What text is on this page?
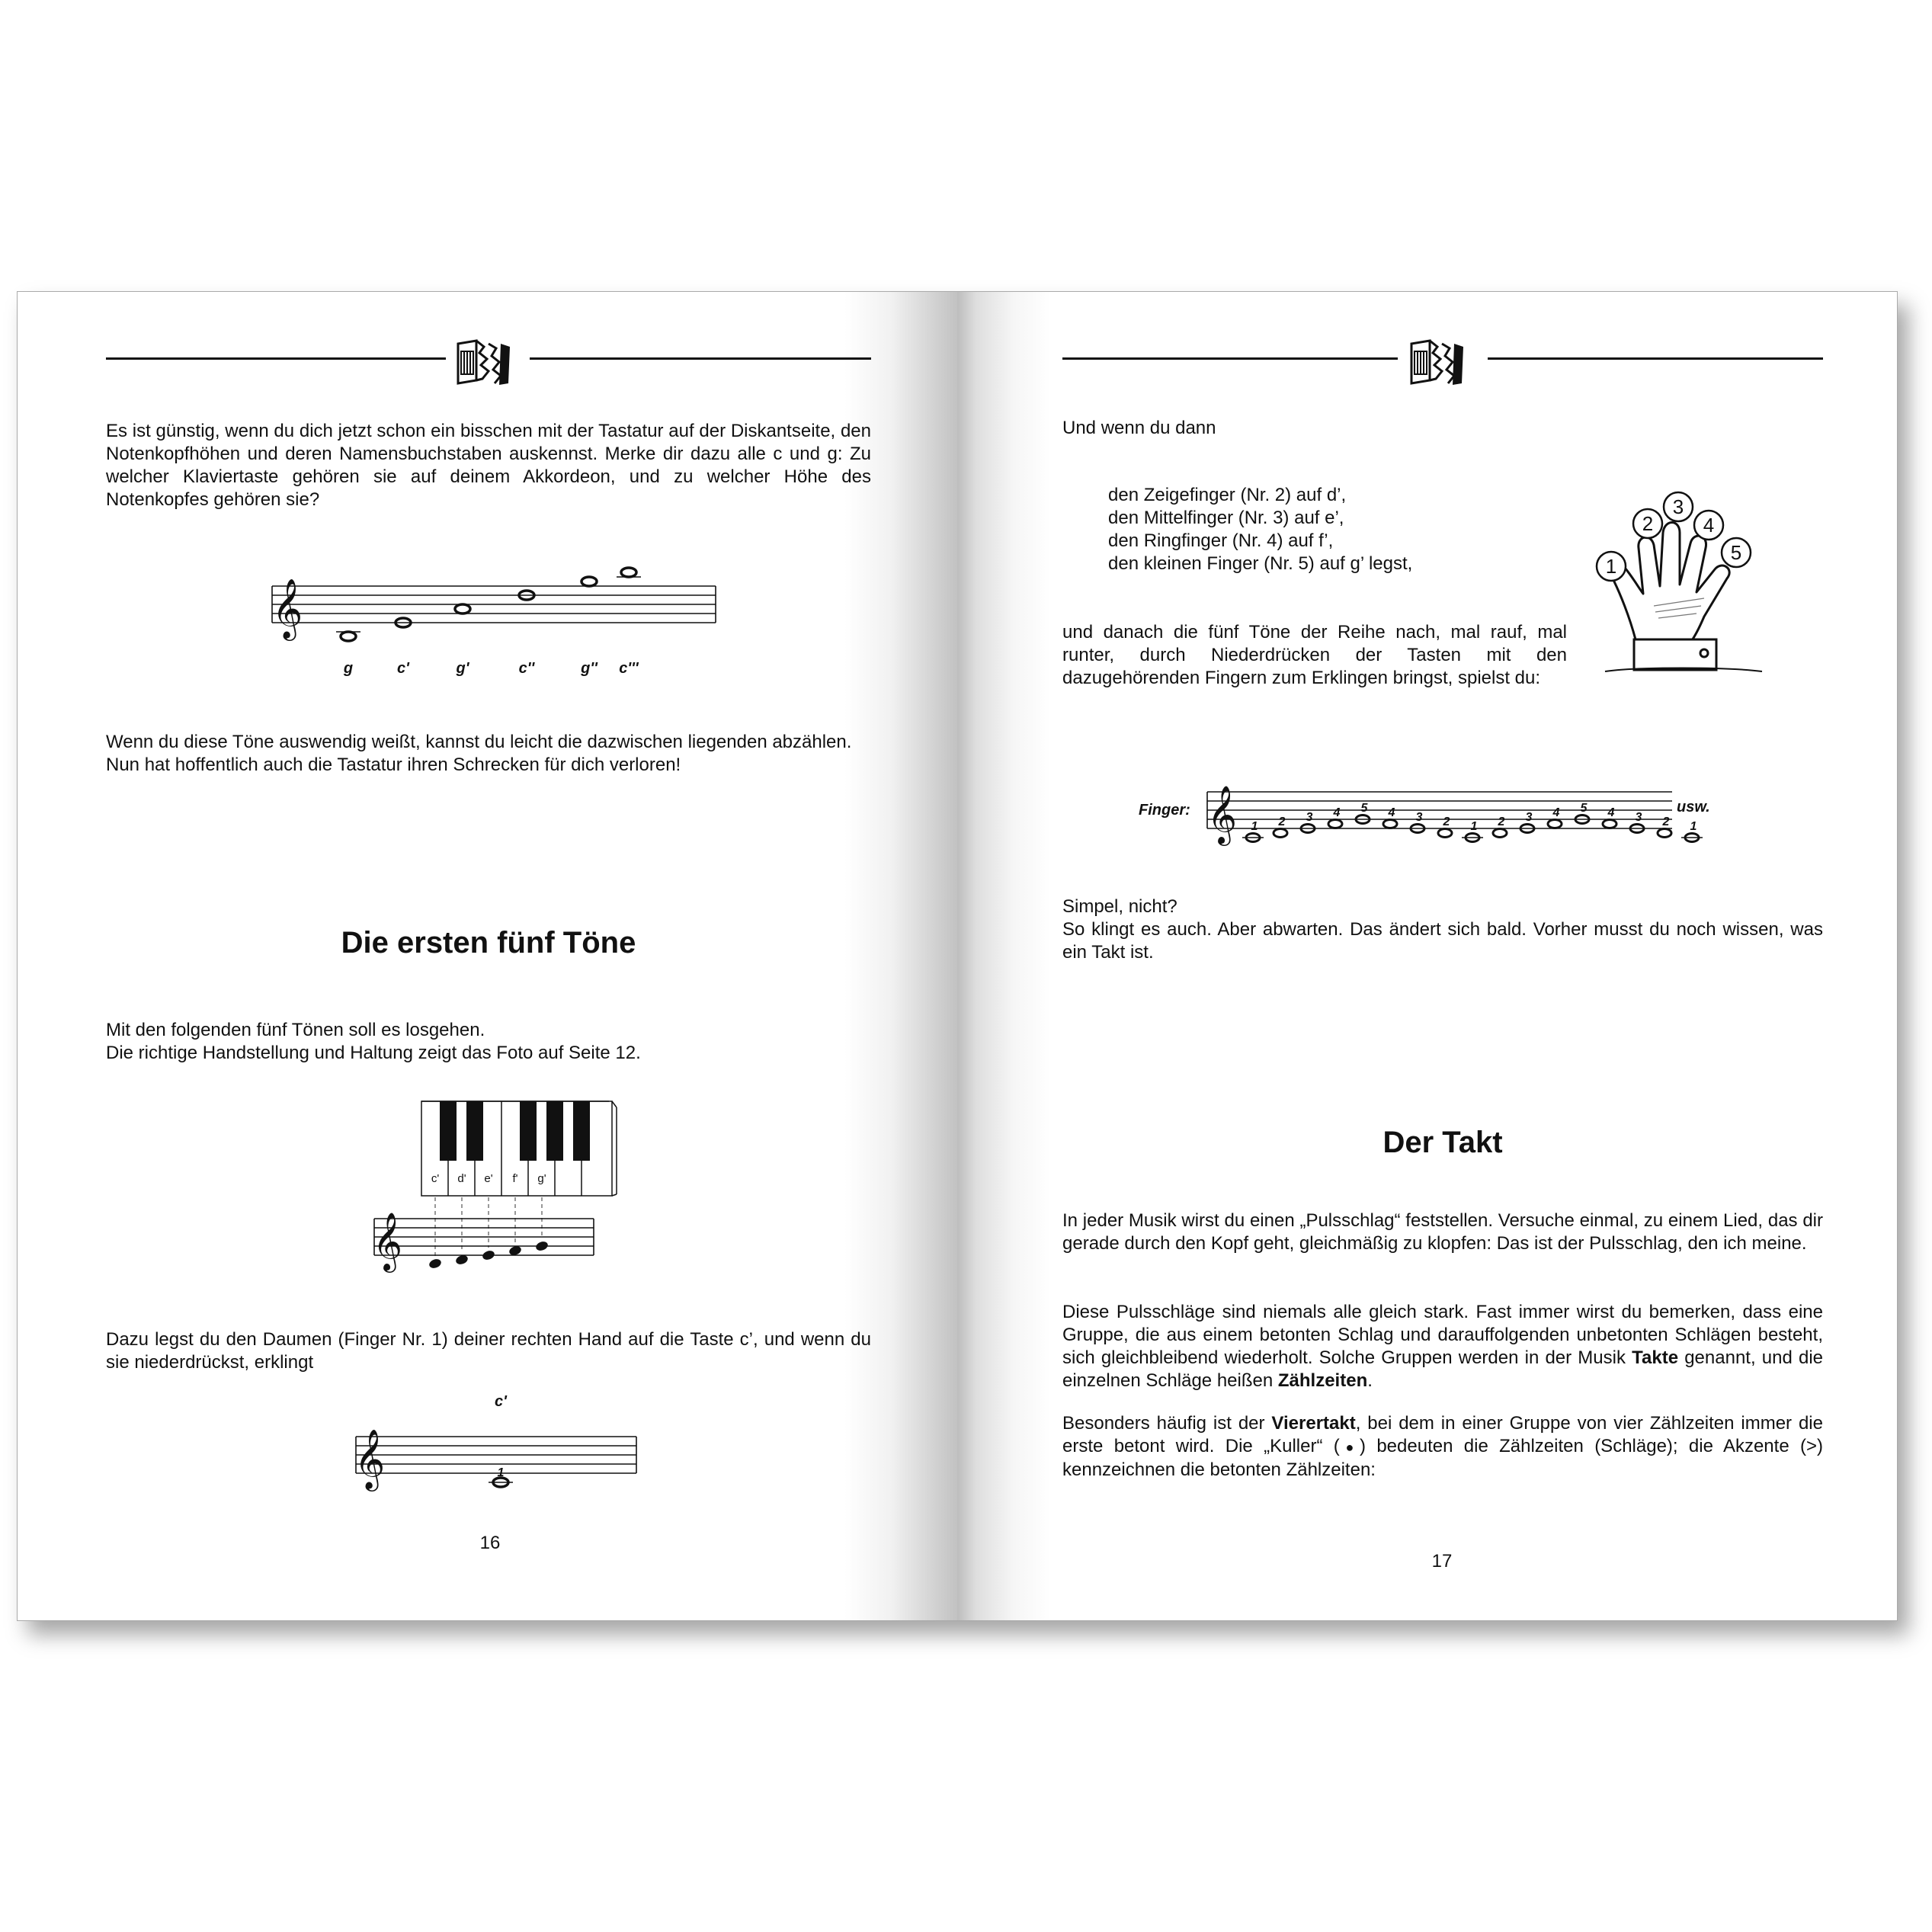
Es ist günstig, wenn du dich jetzt schon ein bisschen mit der Tastatur auf der Diskantseite, den Notenkopfhöhen und deren Namensbuchstaben auskennst. Merke dir dazu alle c und g: Zu welcher Klaviertaste gehören sie auf deinem Akkordeon, und zu welcher Höhe des Notenkopfes gehören sie?

𝄞
g	c'	g'	c''	g'' c'''

Wenn du diese Töne auswendig weißt, kannst du leicht die dazwischen liegenden abzählen.

Nun hat hoffentlich auch die Tastatur ihren Schrecken für dich verloren!

Die ersten fünf Töne

Mit den folgenden fünf Tönen soll es losgehen.

Die richtige Handstellung und Haltung zeigt das Foto auf Seite 12.

c' d' e' f' g'
𝄞

Dazu legst du den Daumen (Finger Nr. 1) deiner rechten Hand auf die Taste c’, und wenn du sie niederdrückst, erklingt

c'
𝄞	1
16

Und wenn du dann

den Zeigefinger (Nr. 2) auf d’,

den Mittelfinger (Nr. 3) auf e’,

den Ringfinger (Nr. 4) auf f’,

den kleinen Finger (Nr. 5) auf g’ legst,	1
2
3
4
5

und danach die fünf Töne der Reihe nach, mal rauf, mal runter, durch Niederdrücken der Tasten mit den dazugehörenden Fingern zum Erklingen bringst, spielst du:

Finger: 𝄞	usw.
1 2 3 4 5 4 3 2 1 2 3 4 5 4 3 2 1

Simpel, nicht?

So klingt es auch. Aber abwarten. Das ändert sich bald. Vorher musst du noch wissen, was ein Takt ist.

Der Takt

In jeder Musik wirst du einen „Pulsschlag“ feststellen. Versuche einmal, zu einem Lied, das dir gerade durch den Kopf geht, gleichmäßig zu klopfen: Das ist der Pulsschlag, den ich meine.

Diese Pulsschläge sind niemals alle gleich stark. Fast immer wirst du bemerken, dass eine Gruppe, die aus einem betonten Schlag und darauffolgenden unbetonten Schlägen besteht, sich gleichbleibend wiederholt. Solche Gruppen werden in der Musik Takte genannt, und die einzelnen Schläge heißen Zählzeiten.

Besonders häufig ist der Vierertakt, bei dem in einer Gruppe von vier Zählzeiten immer die erste betont wird. Die „Kuller“ (●) bedeuten die Zählzeiten (Schläge); die Akzente (>) kennzeichnen die betonten Zählzeiten:

17
